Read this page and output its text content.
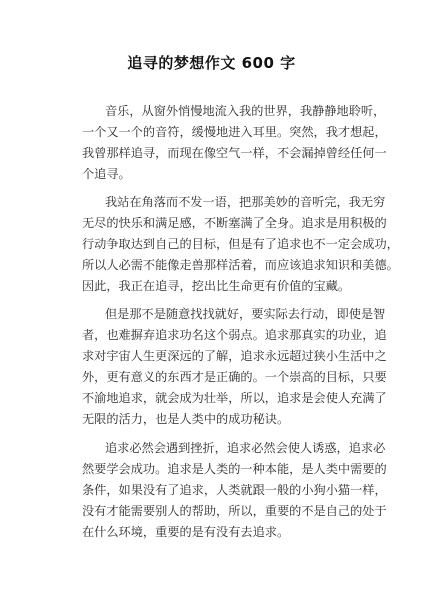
追寻的梦想作文 600 字
音乐，从窗外悄慢地流入我的世界，我静静地聆听，
一个又一个的音符，缓慢地进入耳里。突然，我才想起，
我曾那样追寻，而现在像空气一样，不会漏掉曾经任何一
个追寻。
我站在角落而不发一语，把那美妙的音听完，我无穷
无尽的快乐和满足感，不断塞满了全身。追求是用积极的
行动争取达到自己的目标，但是有了追求也不一定会成功，
所以人必需不能像走兽那样活着，而应该追求知识和美德。
因此，我正在追寻，挖出比生命更有价值的宝藏。
但是那不是随意找找就好，要实际去行动，即使是智
者，也难摒弃追求功名这个弱点。追求那真实的功业，追
求对宇宙人生更深远的了解，追求永远超过狭小生活中之
外，更有意义的东西才是正确的。一个崇高的目标，只要
不渝地追求，就会成为壮举，所以，追求是会使人充满了
无限的活力，也是人类中的成功秘诀。
追求必然会遇到挫折，追求必然会使人诱惑，追求必
然要学会成功。追求是人类的一种本能，是人类中需要的
条件，如果没有了追求，人类就跟一般的小狗小猫一样，
没有才能需要别人的帮助，所以，重要的不是自己的处于
在什么环境，重要的是有没有去追求。
